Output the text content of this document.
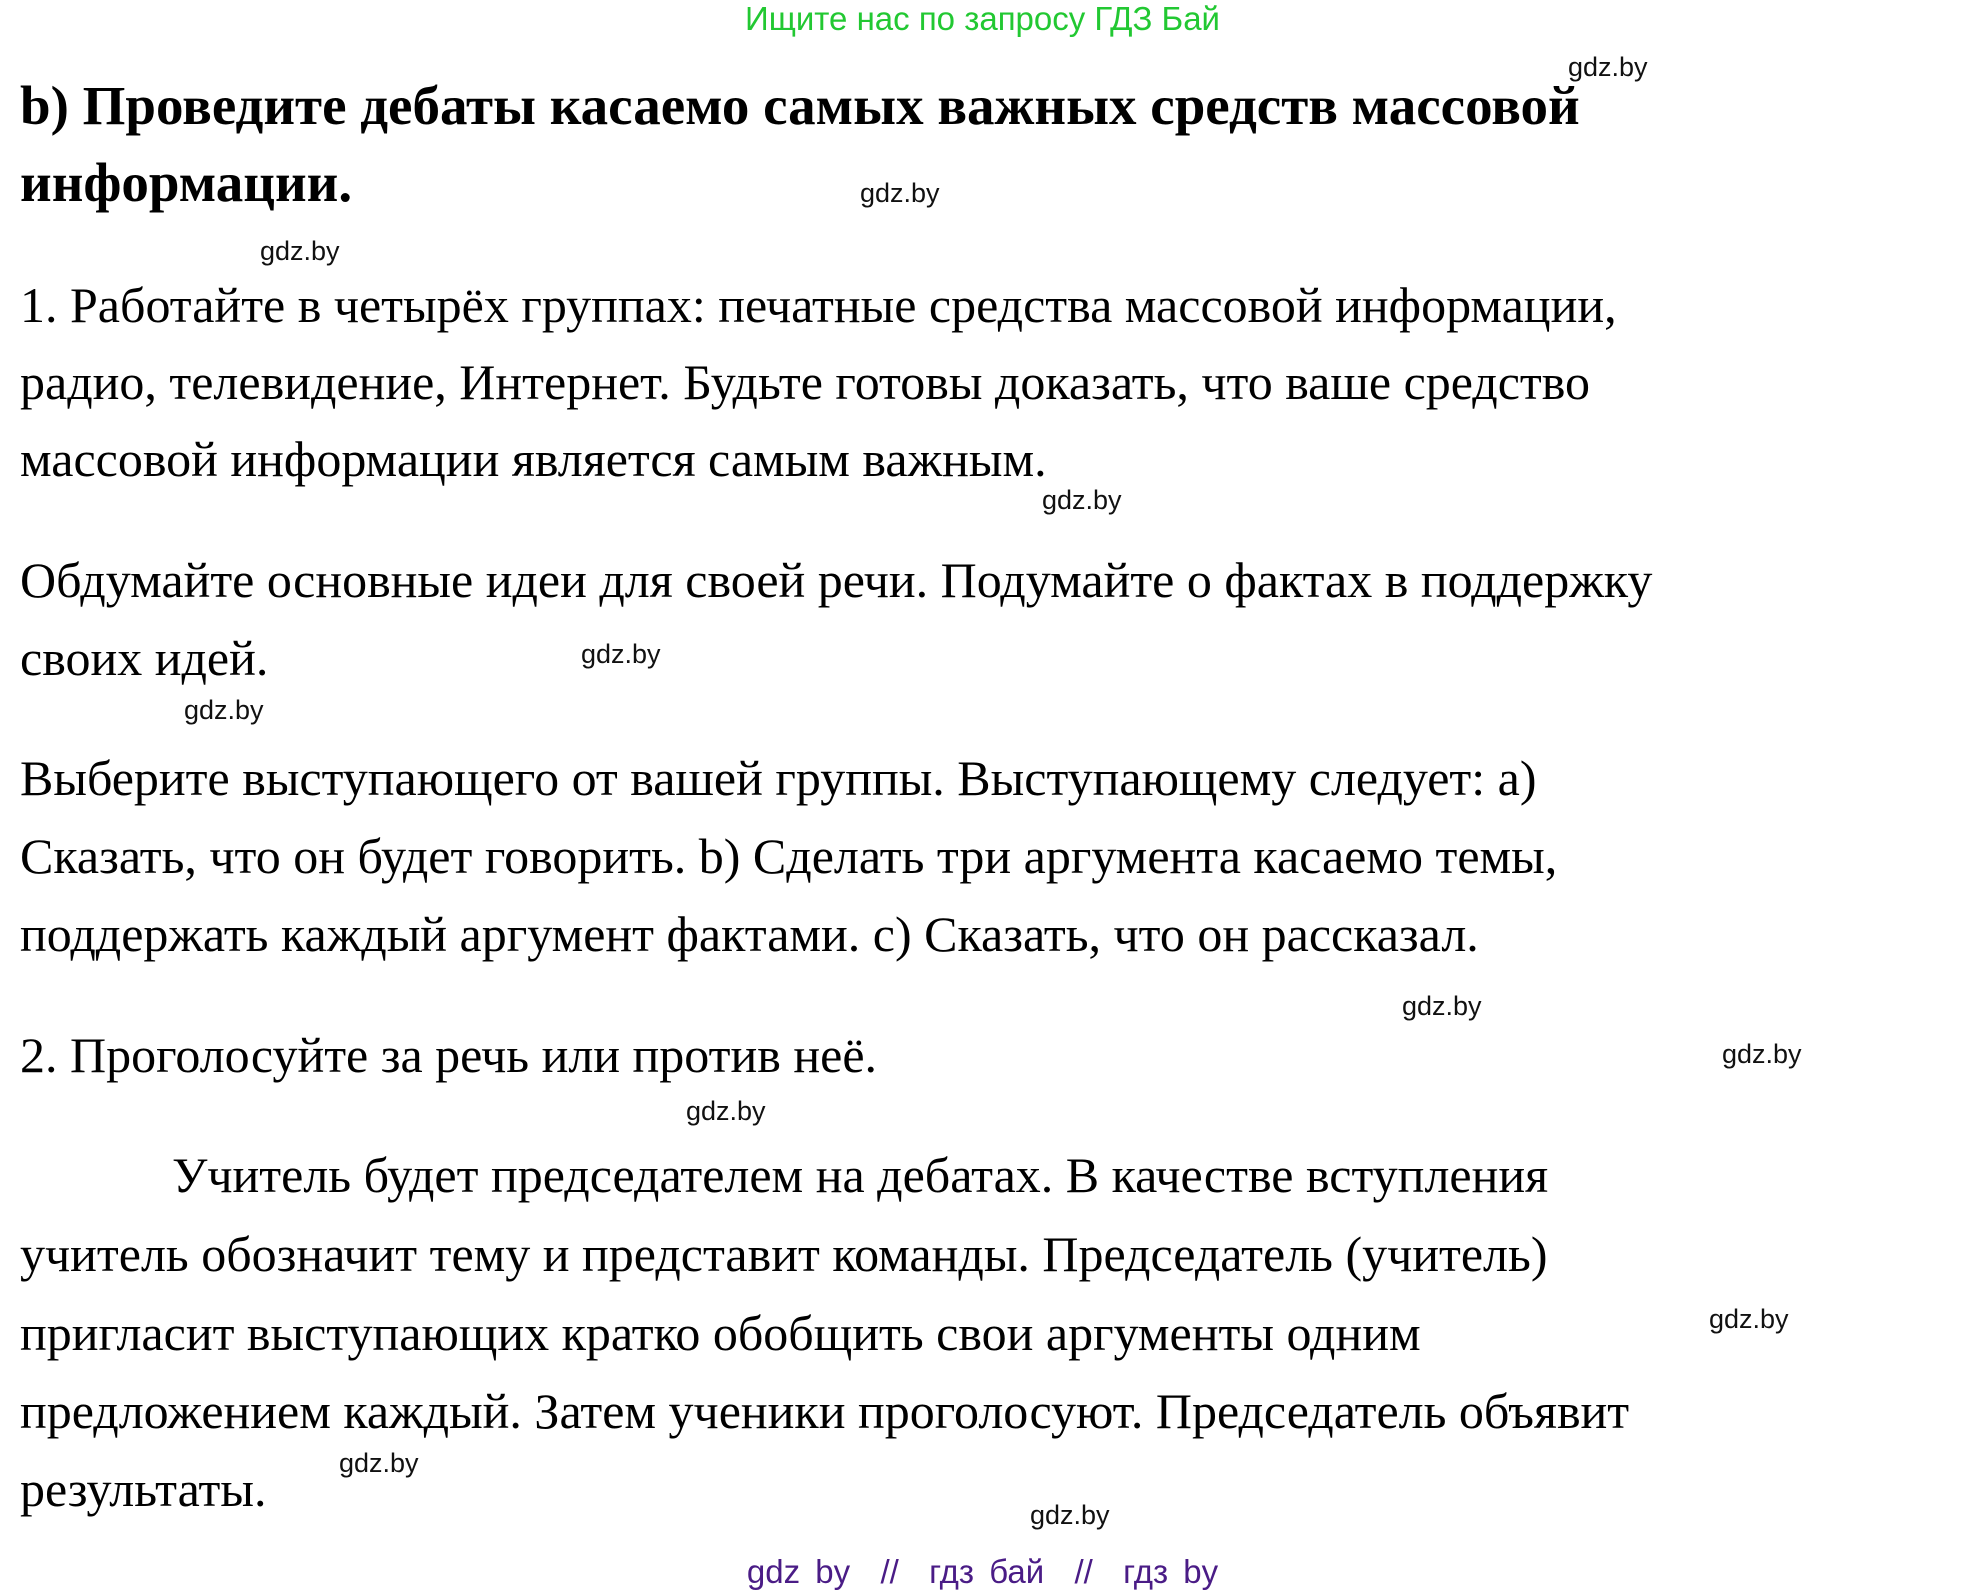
Ищите нас по запросу ГДЗ Бай
b) Проведите дебаты касаемо самых важных средств массовой
информации.
1. Работайте в четырёх группах: печатные средства массовой информации,
радио, телевидение, Интернет. Будьте готовы доказать, что ваше средство
массовой информации является самым важным.
Обдумайте основные идеи для своей речи. Подумайте о фактах в поддержку
своих идей.
Выберите выступающего от вашей группы. Выступающему следует: a)
Сказать, что он будет говорить. b) Сделать три аргумента касаемо темы,
поддержать каждый аргумент фактами. c) Сказать, что он рассказал.
2. Проголосуйте за речь или против неё.
Учитель будет председателем на дебатах. В качестве вступления
учитель обозначит тему и представит команды. Председатель (учитель)
пригласит выступающих кратко обобщить свои аргументы одним
предложением каждый. Затем ученики проголосуют. Председатель объявит
результаты.
gdz.by
gdz.by
gdz.by
gdz.by
gdz.by
gdz.by
gdz.by
gdz.by
gdz.by
gdz.by
gdz.by
gdz.by
gdz by  //  гдз бай  //  гдз by
